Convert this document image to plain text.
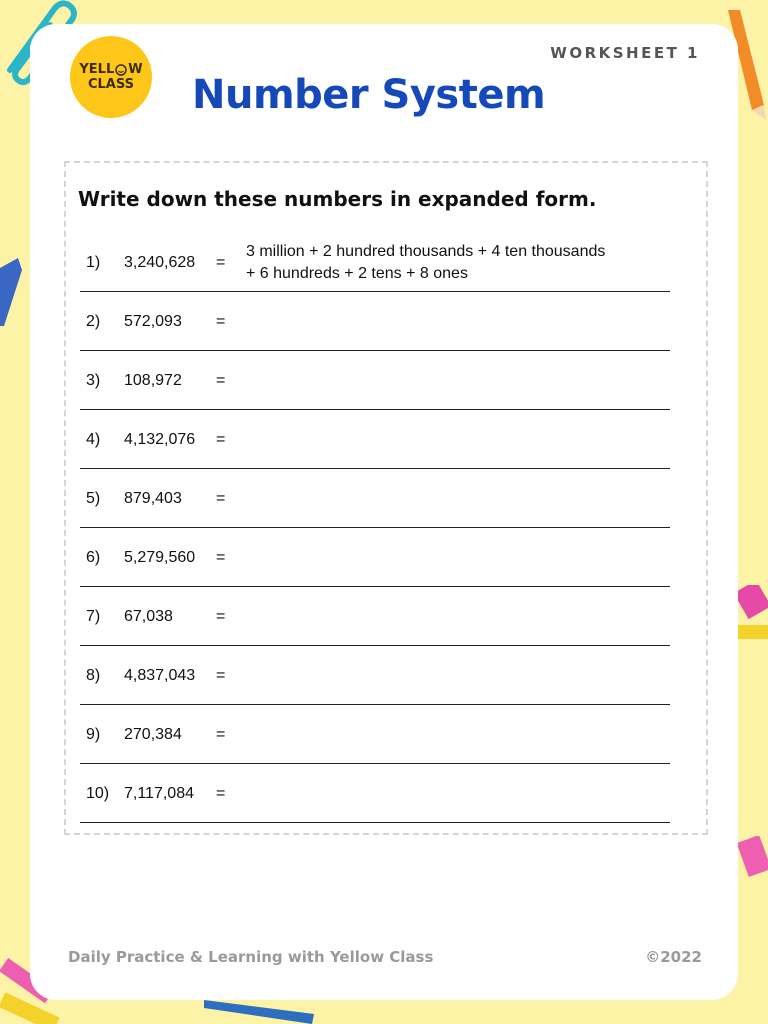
YELL W
CLASS
WORKSHEET 1
Number System
Write down these numbers in expanded form.
1) 3,240,628 =
3 million + 2 hundred thousands + 4 ten thousands
+ 6 hundreds + 2 tens + 8 ones
2) 572,093 =
3) 108,972 =
4) 4,132,076 =
5) 879,403 =
6) 5,279,560 =
7) 67,038	=
8) 4,837,043 =
9) 270,384 =
10) 7,117,084 =
Daily Practice & Learning with Yellow Class	©2022
